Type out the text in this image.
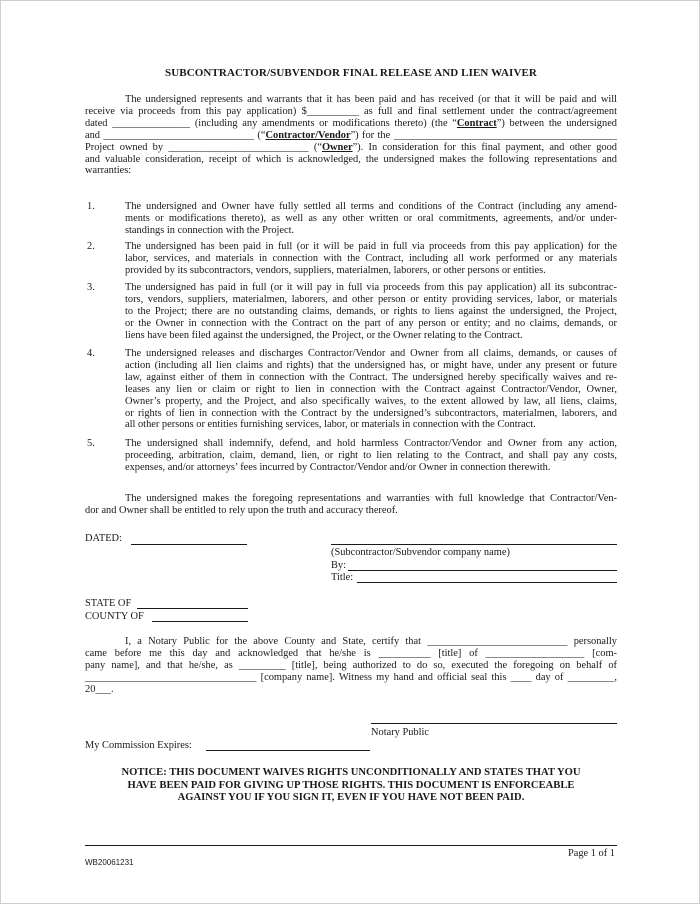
SUBCONTRACTOR/SUBVENDOR FINAL RELEASE AND LIEN WAIVER
The undersigned represents and warrants that it has been paid and has received (or that it will be paid and will
receive via proceeds from this pay application) $__________ as full and final settlement under the contract/agreement
dated _______________ (including any amendments or modifications thereto) (the “Contract”) between the undersigned
and _____________________________ (“Contractor/Vendor”) for the ___________________________________________
Project owned by ___________________________ (“Owner”). In consideration for this final payment, and other good
and valuable consideration, receipt of which is acknowledged, the undersigned makes the following representations and
warranties:
1.	The undersigned and Owner have fully settled all terms and conditions of the Contract (including any amend-
ments or modifications thereto), as well as any other written or oral commitments, agreements, and/or under-
standings in connection with the Project.
2.	The undersigned has been paid in full (or it will be paid in full via proceeds from this pay application) for the
labor, services, and materials in connection with the Contract, including all work performed or any materials
provided by its subcontractors, vendors, suppliers, materialmen, laborers, or other persons or entities.
3.	The undersigned has paid in full (or it will pay in full via proceeds from this pay application) all its subcontrac-
tors, vendors, suppliers, materialmen, laborers, and other person or entity providing services, labor, or materials
to the Project; there are no outstanding claims, demands, or rights to liens against the undersigned, the Project,
or the Owner in connection with the Contract on the part of any person or entity; and no claims, demands, or
liens have been filed against the undersigned, the Project, or the Owner relating to the Contract.
4.	The undersigned releases and discharges Contractor/Vendor and Owner from all claims, demands, or causes of
action (including all lien claims and rights) that the undersigned has, or might have, under any present or future
law, against either of them in connection with the Contract. The undersigned hereby specifically waives and re-
leases any lien or claim or right to lien in connection with the Contract against Contractor/Vendor, Owner,
Owner’s property, and the Project, and also specifically waives, to the extent allowed by law, all liens, claims,
or rights of lien in connection with the Contract by the undersigned’s subcontractors, materialmen, laborers, and
all other persons or entities furnishing services, labor, or materials in connection with the Contract.
5.	The undersigned shall indemnify, defend, and hold harmless Contractor/Vendor and Owner from any action,
proceeding, arbitration, claim, demand, lien, or right to lien relating to the Contract, and shall pay any costs,
expenses, and/or attorneys’ fees incurred by Contractor/Vendor and/or Owner in connection therewith.
The undersigned makes the foregoing representations and warranties with full knowledge that Contractor/Ven-
dor and Owner shall be entitled to rely upon the truth and accuracy thereof.
DATED:
(Subcontractor/Subvendor company name)
By:
Title:
STATE OF
COUNTY OF
I, a Notary Public for the above County and State, certify that ___________________________ personally
came before me this day and acknowledged that he/she is __________ [title] of ___________________ [com-
pany name], and that he/she, as _________ [title], being authorized to do so, executed the foregoing on behalf of
_________________________________ [company name]. Witness my hand and official seal this ____ day of _________,
20___.
Notary Public
My Commission Expires:
NOTICE: THIS DOCUMENT WAIVES RIGHTS UNCONDITIONALLY AND STATES THAT YOU
HAVE BEEN PAID FOR GIVING UP THOSE RIGHTS. THIS DOCUMENT IS ENFORCEABLE
AGAINST YOU IF YOU SIGN IT, EVEN IF YOU HAVE NOT BEEN PAID.
Page 1 of 1
WB20061231
